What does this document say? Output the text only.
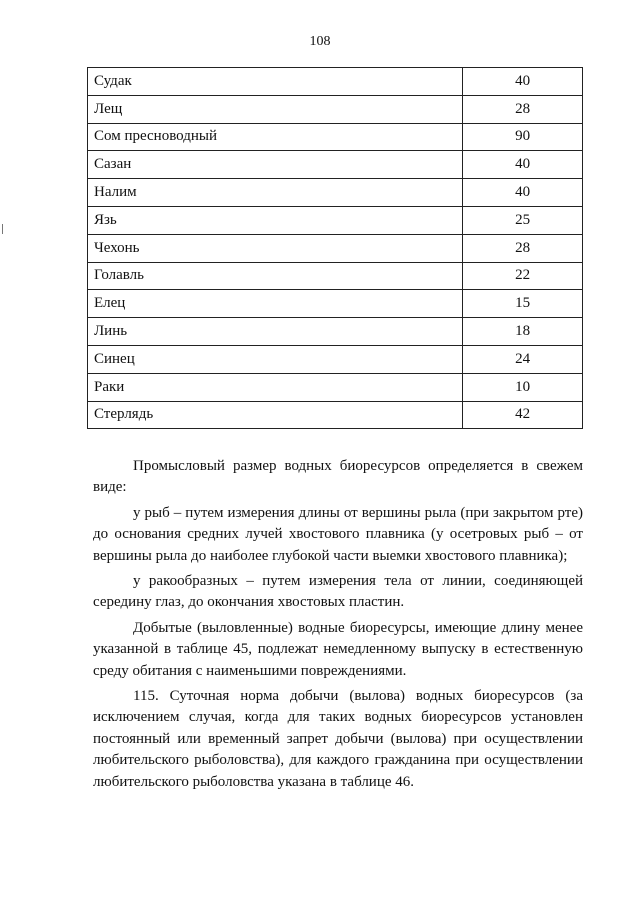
108
Судак	40
Лещ	28
Сом пресноводный	90
Сазан	40
Налим	40
Язь	25
Чехонь	28
Голавль	22
Елец	15
Линь	18
Синец	24
Раки	10
Стерлядь	42

Промысловый размер водных биоресурсов определяется в свежем виде:

у рыб – путем измерения длины от вершины рыла (при закрытом рте) до основания средних лучей хвостового плавника (у осетровых рыб – от вершины рыла до наиболее глубокой части выемки хвостового плавника);

у ракообразных – путем измерения тела от линии, соединяющей середину глаз, до окончания хвостовых пластин.

Добытые (выловленные) водные биоресурсы, имеющие длину менее указанной в таблице 45, подлежат немедленному выпуску в естественную среду обитания с наименьшими повреждениями.

115. Суточная норма добычи (вылова) водных биоресурсов (за исключением случая, когда для таких водных биоресурсов установлен постоянный или временный запрет добычи (вылова) при осуществлении любительского рыболовства), для каждого гражданина при осуществлении любительского рыболовства указана в таблице 46.
